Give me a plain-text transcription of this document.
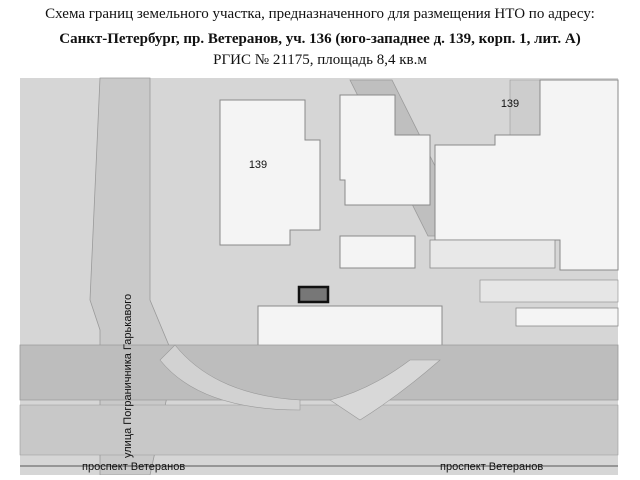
Схема границ земельного участка, предназначенного для размещения НТО по адресу:
Санкт-Петербург, пр. Ветеранов, уч. 136 (юго-западнее д. 139, корп. 1, лит. А)
РГИС № 21175, площадь 8,4 кв.м
139
139
улица Пограничника Гарькавого
проспект Ветеранов	проспект Ветеранов
